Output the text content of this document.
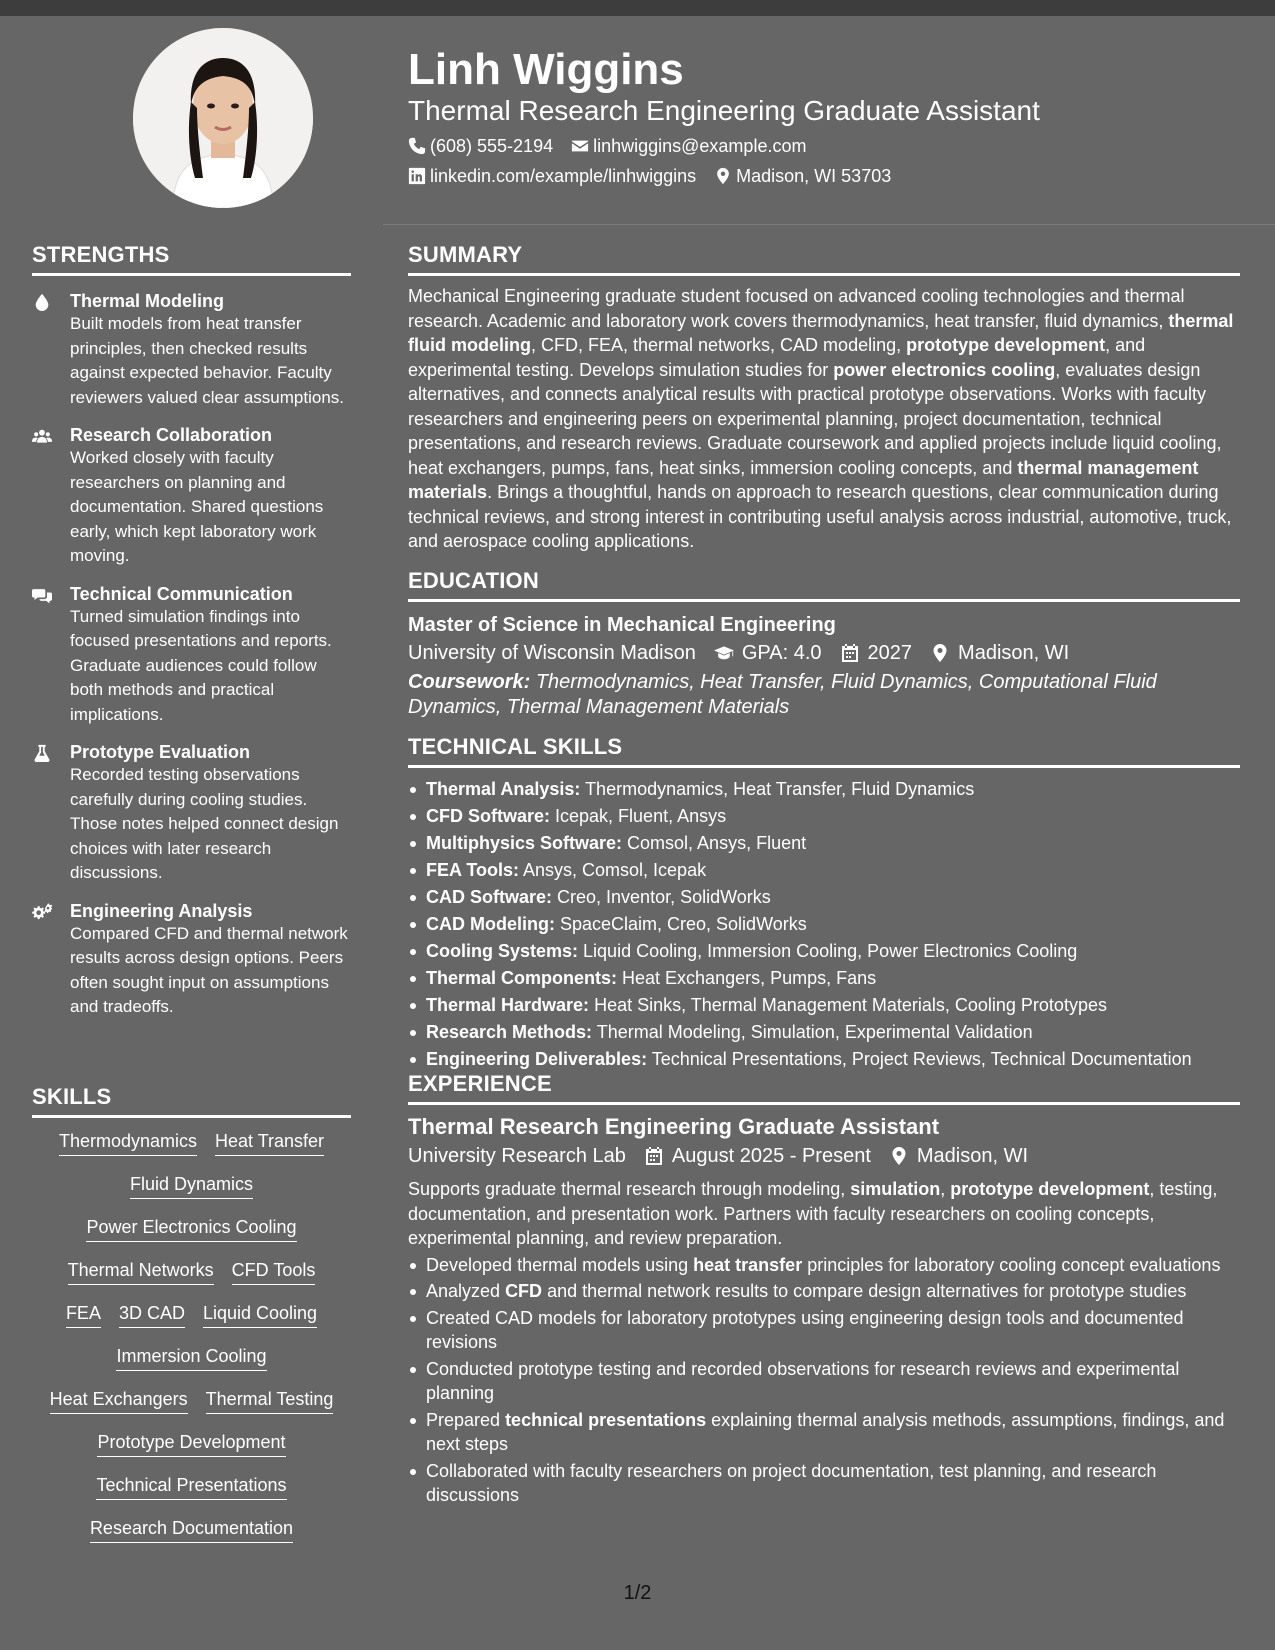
STRENGTHS
Thermal Modeling
Built models from heat transfer principles, then checked results against expected behavior. Faculty reviewers valued clear assumptions.
Research Collaboration
Worked closely with faculty researchers on planning and documentation. Shared questions early, which kept laboratory work moving.
Technical Communication
Turned simulation findings into focused presentations and reports. Graduate audiences could follow both methods and practical implications.
Prototype Evaluation
Recorded testing observations carefully during cooling studies. Those notes helped connect design choices with later research discussions.
Engineering Analysis
Compared CFD and thermal network results across design options. Peers often sought input on assumptions and tradeoffs.
SKILLS
Thermodynamics Heat Transfer
Fluid Dynamics
Power Electronics Cooling
Thermal Networks CFD Tools
FEA 3D CAD Liquid Cooling
Immersion Cooling
Heat Exchangers Thermal Testing
Prototype Development
Technical Presentations
Research Documentation
Linh Wiggins
Thermal Research Engineering Graduate Assistant
(608) 555-2194 linhwiggins@example.com
linkedin.com/example/linhwiggins Madison, WI 53703
SUMMARY
Mechanical Engineering graduate student focused on advanced cooling technologies and thermal research. Academic and laboratory work covers thermodynamics, heat transfer, fluid dynamics, thermal fluid modeling, CFD, FEA, thermal networks, CAD modeling, prototype development, and experimental testing. Develops simulation studies for power electronics cooling, evaluates design alternatives, and connects analytical results with practical prototype observations. Works with faculty researchers and engineering peers on experimental planning, project documentation, technical presentations, and research reviews. Graduate coursework and applied projects include liquid cooling, heat exchangers, pumps, fans, heat sinks, immersion cooling concepts, and thermal management materials. Brings a thoughtful, hands on approach to research questions, clear communication during technical reviews, and strong interest in contributing useful analysis across industrial, automotive, truck, and aerospace cooling applications.
EDUCATION
Master of Science in Mechanical Engineering
University of Wisconsin Madison GPA: 4.0 2027 Madison, WI
Coursework: Thermodynamics, Heat Transfer, Fluid Dynamics, Computational Fluid Dynamics, Thermal Management Materials
TECHNICAL SKILLS
Thermal Analysis: Thermodynamics, Heat Transfer, Fluid Dynamics
CFD Software: Icepak, Fluent, Ansys
Multiphysics Software: Comsol, Ansys, Fluent
FEA Tools: Ansys, Comsol, Icepak
CAD Software: Creo, Inventor, SolidWorks
CAD Modeling: SpaceClaim, Creo, SolidWorks
Cooling Systems: Liquid Cooling, Immersion Cooling, Power Electronics Cooling
Thermal Components: Heat Exchangers, Pumps, Fans
Thermal Hardware: Heat Sinks, Thermal Management Materials, Cooling Prototypes
Research Methods: Thermal Modeling, Simulation, Experimental Validation
Engineering Deliverables: Technical Presentations, Project Reviews, Technical Documentation
EXPERIENCE
Thermal Research Engineering Graduate Assistant
University Research Lab August 2025 - Present Madison, WI
Supports graduate thermal research through modeling, simulation, prototype development, testing, documentation, and presentation work. Partners with faculty researchers on cooling concepts, experimental planning, and review preparation.
Developed thermal models using heat transfer principles for laboratory cooling concept evaluations
Analyzed CFD and thermal network results to compare design alternatives for prototype studies
Created CAD models for laboratory prototypes using engineering design tools and documented revisions
Conducted prototype testing and recorded observations for research reviews and experimental planning
Prepared technical presentations explaining thermal analysis methods, assumptions, findings, and next steps
Collaborated with faculty researchers on project documentation, test planning, and research discussions
1/2
